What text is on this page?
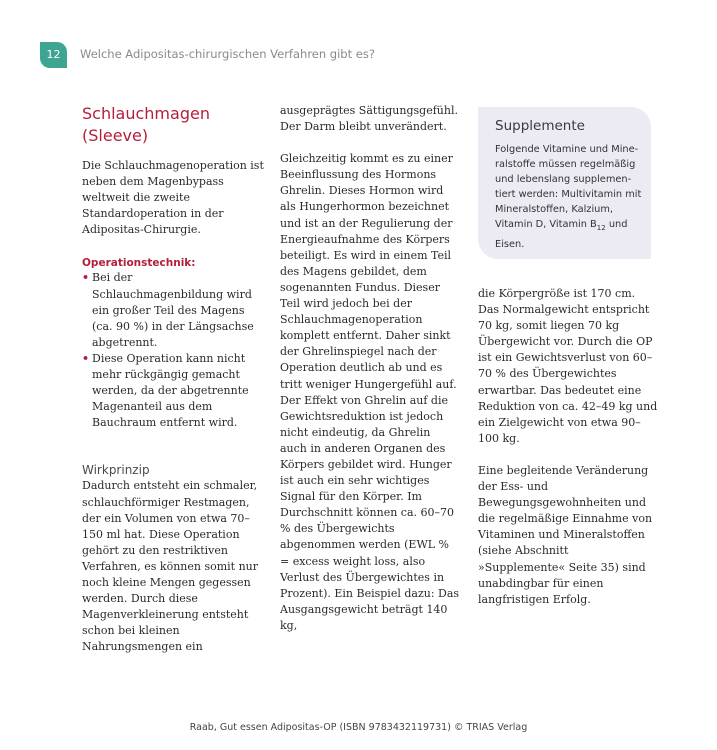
12	Welche Adipositas-chirurgischen Verfahren gibt es?
Schlauchmagen (Sleeve)

Die Schlauchmagenoperation ist neben dem Magenbypass weltweit die zweite Standardoperation in der Adipositas-Chirurgie.

Operationstechnik:
• Bei der Schlauchmagenbildung wird ein großer Teil des Magens (ca. 90 %) in der Längsachse abgetrennt.
• Diese Operation kann nicht mehr rückgängig gemacht werden, da der abgetrennte Magenanteil aus dem Bauchraum entfernt wird.
Wirkprinzip

Dadurch entsteht ein schmaler, schlauchförmiger Restmagen, der ein Volumen von etwa 70–150 ml hat. Diese Operation gehört zu den restriktiven Verfahren, es können somit nur noch kleine Mengen gegessen werden. Durch diese Magenverkleinerung entsteht schon bei kleinen Nahrungsmengen ein

ausgeprägtes Sättigungsgefühl. Der Darm bleibt unverändert.

Gleichzeitig kommt es zu einer Beeinflussung des Hormons Ghrelin. Dieses Hormon wird als Hungerhormon bezeichnet und ist an der Regulierung der Energieaufnahme des Körpers beteiligt. Es wird in einem Teil des Magens gebildet, dem sogenannten Fundus. Dieser Teil wird jedoch bei der Schlauchmagenoperation komplett entfernt. Daher sinkt der Ghrelinspiegel nach der Operation deutlich ab und es tritt weniger Hungergefühl auf. Der Effekt von Ghrelin auf die Gewichtsreduktion ist jedoch nicht eindeutig, da Ghrelin auch in anderen Organen des Körpers gebildet wird. Hunger ist auch ein sehr wichtiges Signal für den Körper. Im Durchschnitt können ca. 60–70 % des Übergewichts abgenommen werden (EWL % = excess weight loss, also Verlust des Übergewichtes in Prozent). Ein Beispiel dazu: Das Ausgangsgewicht beträgt 140 kg,

Supplemente
Folgende Vitamine und Mineralstoffe müssen regelmäßig und lebenslang supplementiert werden: Multivitamin mit Mineralstoffen, Kalzium, Vitamin D, Vitamin $B_{12}$ und Eisen.

die Körpergröße ist 170 cm. Das Normalgewicht entspricht 70 kg, somit liegen 70 kg Übergewicht vor. Durch die OP ist ein Gewichtsverlust von 60–70 % des Übergewichtes erwartbar. Das bedeutet eine Reduktion von ca. 42–49 kg und ein Zielgewicht von etwa 90–100 kg.

Eine begleitende Veränderung der Ess- und Bewegungsgewohnheiten und die regelmäßige Einnahme von Vitaminen und Mineralstoffen (siehe Abschnitt »Supplemente« Seite 35) sind unabdingbar für einen langfristigen Erfolg.

Raab, Gut essen Adipositas-OP (ISBN 9783432119731) © TRIAS Verlag
